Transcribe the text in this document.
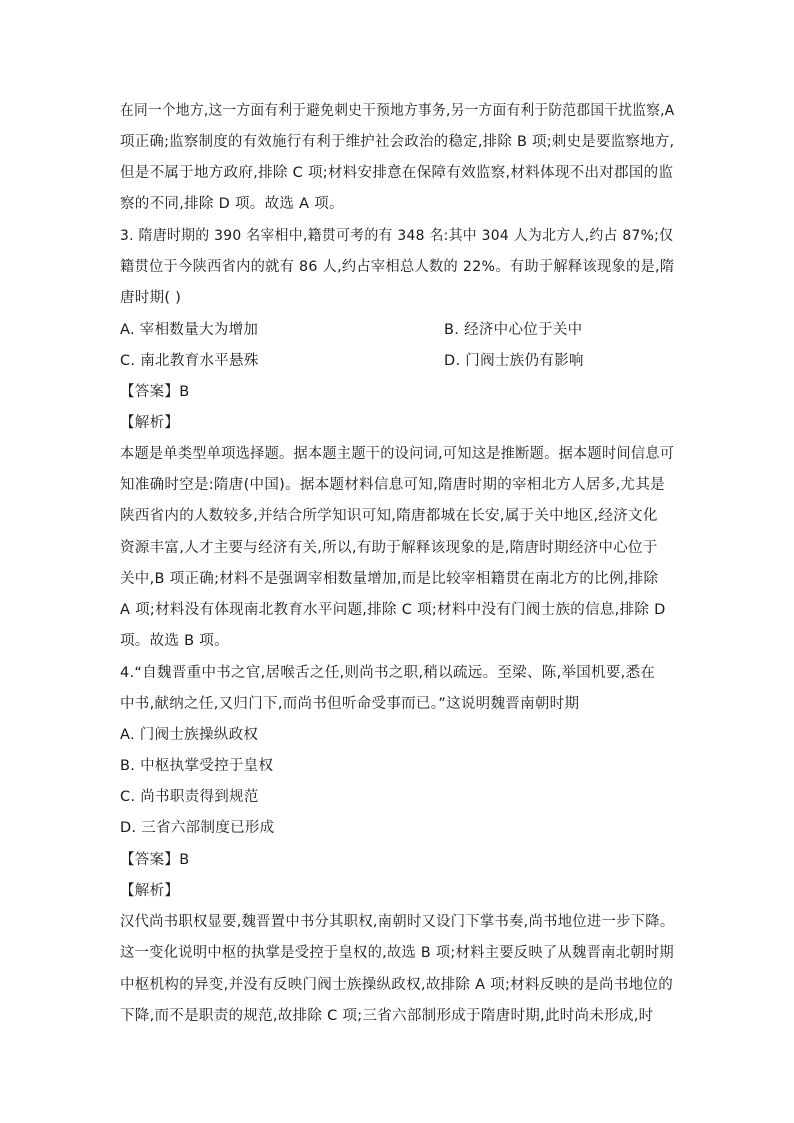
在同一个地方,这一方面有利于避免刺史干预地方事务,另一方面有利于防范郡国干扰监察,A
项正确;监察制度的有效施行有利于维护社会政治的稳定,排除 B 项;刺史是要监察地方,
但是不属于地方政府,排除 C 项;材料安排意在保障有效监察,材料体现不出对郡国的监
察的不同,排除 D 项。故选 A 项。
3. 隋唐时期的 390 名宰相中,籍贯可考的有 348 名:其中 304 人为北方人,约占 87%;仅
籍贯位于今陕西省内的就有 86 人,约占宰相总人数的 22%。有助于解释该现象的是,隋
唐时期( )
A. 宰相数量大为增加	B. 经济中心位于关中
C. 南北教育水平悬殊	D. 门阀士族仍有影响
【答案】B
【解析】
本题是单类型单项选择题。据本题主题干的设问词,可知这是推断题。据本题时间信息可
知准确时空是:隋唐(中国)。据本题材料信息可知,隋唐时期的宰相北方人居多,尤其是
陕西省内的人数较多,并结合所学知识可知,隋唐都城在长安,属于关中地区,经济文化
资源丰富,人才主要与经济有关,所以,有助于解释该现象的是,隋唐时期经济中心位于
关中,B 项正确;材料不是强调宰相数量增加,而是比较宰相籍贯在南北方的比例,排除
A 项;材料没有体现南北教育水平问题,排除 C 项;材料中没有门阀士族的信息,排除 D
项。故选 B 项。
4.“自魏晋重中书之官,居喉舌之任,则尚书之职,稍以疏远。至梁、陈,举国机要,悉在
中书,献纳之任,又归门下,而尚书但听命受事而已。”这说明魏晋南朝时期
A. 门阀士族操纵政权
B. 中枢执掌受控于皇权
C. 尚书职责得到规范
D. 三省六部制度已形成
【答案】B
【解析】
汉代尚书职权显要,魏晋置中书分其职权,南朝时又设门下掌书奏,尚书地位进一步下降。
这一变化说明中枢的执掌是受控于皇权的,故选 B 项;材料主要反映了从魏晋南北朝时期
中枢机构的异变,并没有反映门阀士族操纵政权,故排除 A 项;材料反映的是尚书地位的
下降,而不是职责的规范,故排除 C 项;三省六部制形成于隋唐时期,此时尚未形成,时
